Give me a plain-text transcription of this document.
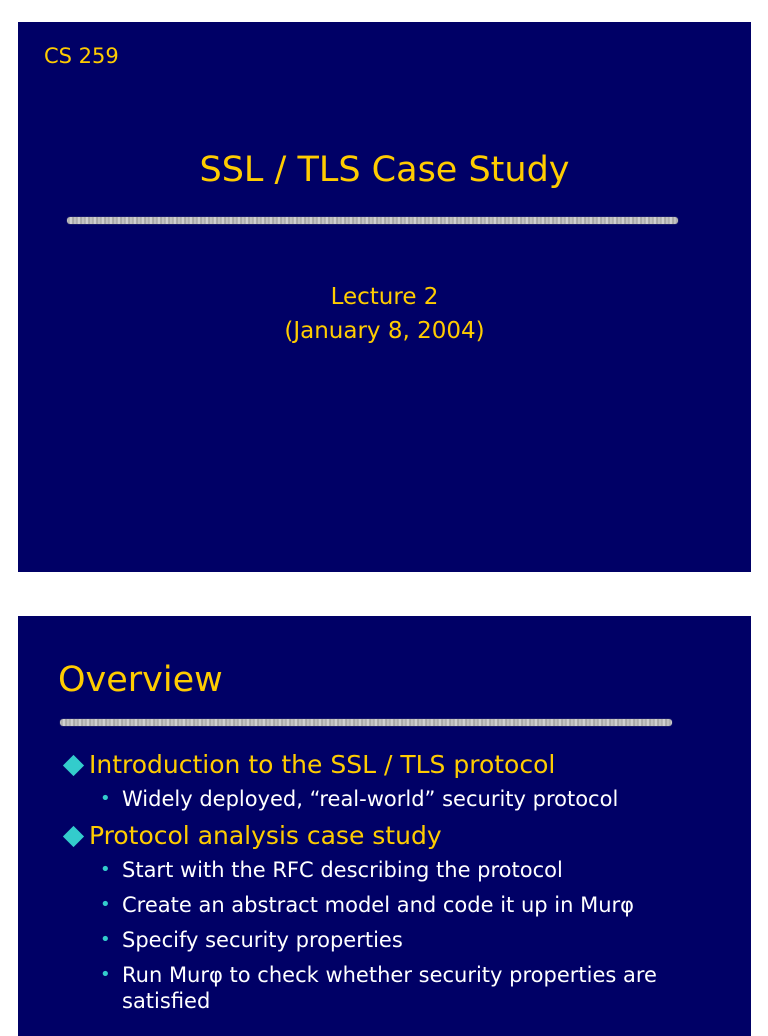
CS 259
SSL / TLS Case Study
Lecture 2
(January 8, 2004)
Overview
Introduction to the SSL / TLS protocol
• Widely deployed, “real-world” security protocol
Protocol analysis case study
• Start with the RFC describing the protocol
• Create an abstract model and code it up in Murφ
• Specify security properties
• Run Murφ to check whether security properties are satisfied
